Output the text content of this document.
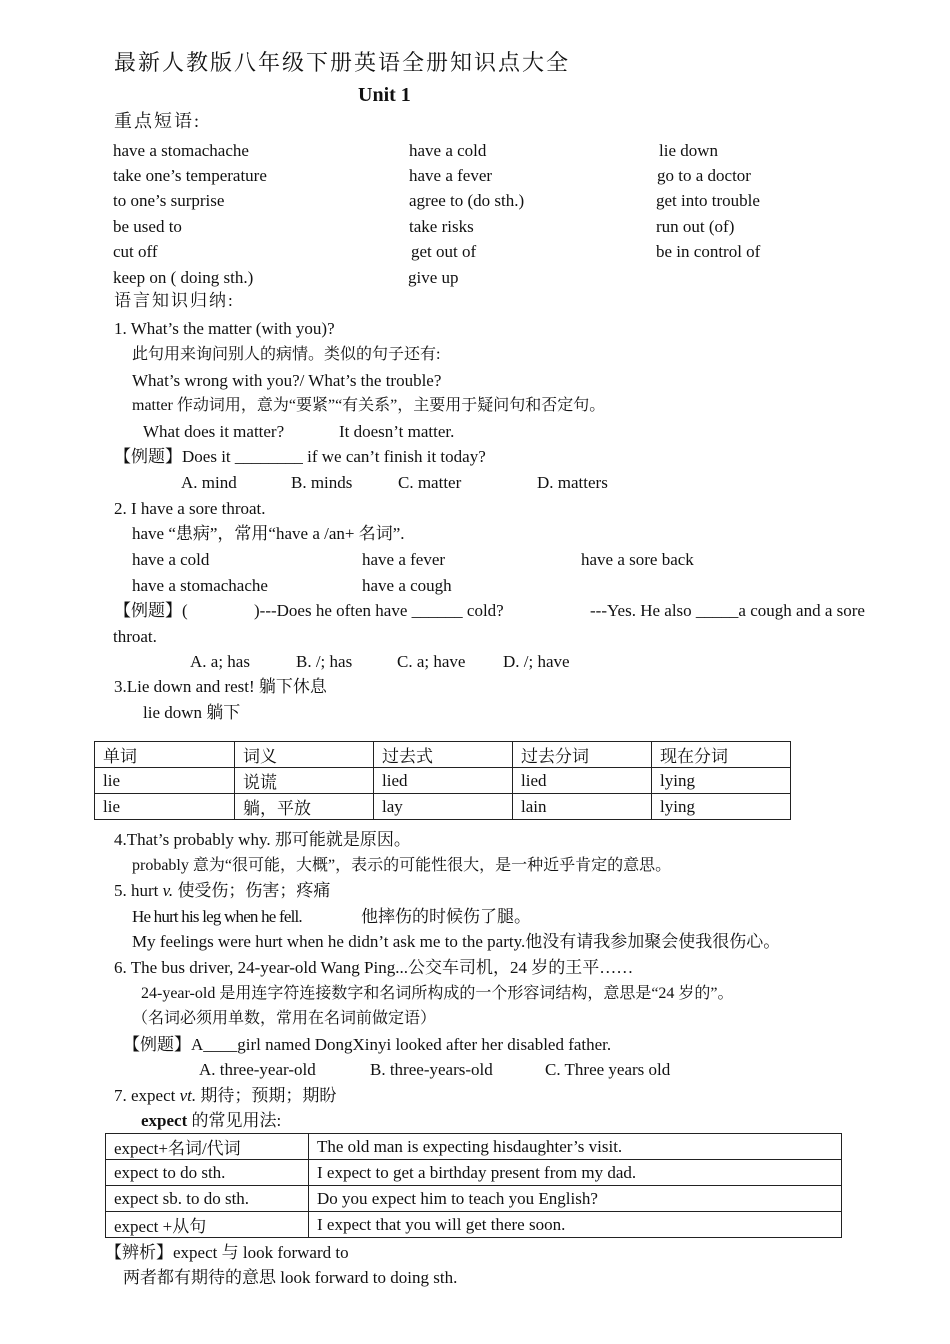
最新人教版八年级下册英语全册知识点大全
Unit 1
重点短语:
have a stomachache	have a cold	lie down
take one’s temperature	have a fever	go to a doctor
to one’s surprise	agree to (do sth.)	get into trouble
be used to	take risks	run out (of)
cut off	get out of	be in control of
keep on ( doing sth.)	give up
语言知识归纳:
1. What’s the matter (with you)?
此句用来询问别人的病情。类似的句子还有:
What’s wrong with you?/ What’s the trouble?
matter 作动词用，意为“要紧”“有关系”，主要用于疑问句和否定句。
What does it matter?	It doesn’t matter.
【例题】Does it ________ if we can’t finish it today?
A. mind	B. minds	C. matter	D. matters
2. I have a sore throat.
have “患病”，常用“have a /an+ 名词”.
have a cold	have a fever	have a sore back
have a stomachache	have a cough
【例题】(	)---Does he often have ______ cold?	---Yes. He also _____a cough and a sore
throat.
A. a; has	B. /; has	C. a; have D. /; have
3.Lie down and rest! 躺下休息
lie down 躺下
单词	词义	过去式	过去分词	现在分词
lie	说谎	lied	lied	lying
lie	躺，平放	lay	lain	lying
4.That’s probably why. 那可能就是原因。
probably 意为“很可能，大概”，表示的可能性很大，是一种近乎肯定的意思。
5. hurt v. 使受伤；伤害；疼痛
He hurt his leg when he fell.	他摔伤的时候伤了腿。
My feelings were hurt when he didn’t ask me to the party.他没有请我参加聚会使我很伤心。
6. The bus driver, 24-year-old Wang Ping...公交车司机，24 岁的王平……
24-year-old 是用连字符连接数字和名词所构成的一个形容词结构，意思是“24 岁的”。
（名词必须用单数，常用在名词前做定语）
【例题】A____girl named DongXinyi looked after her disabled father.
A. three-year-old	B. three-years-old	C. Three years old
7. expect vt. 期待；预期；期盼
expect 的常见用法:
expect+名词/代词	The old man is expecting hisdaughter’s visit.
expect to do sth.	I expect to get a birthday present from my dad.
expect sb. to do sth.	Do you expect him to teach you English?
expect +从句	I expect that you will get there soon.
【辨析】expect 与 look forward to
两者都有期待的意思 look forward to doing sth.
